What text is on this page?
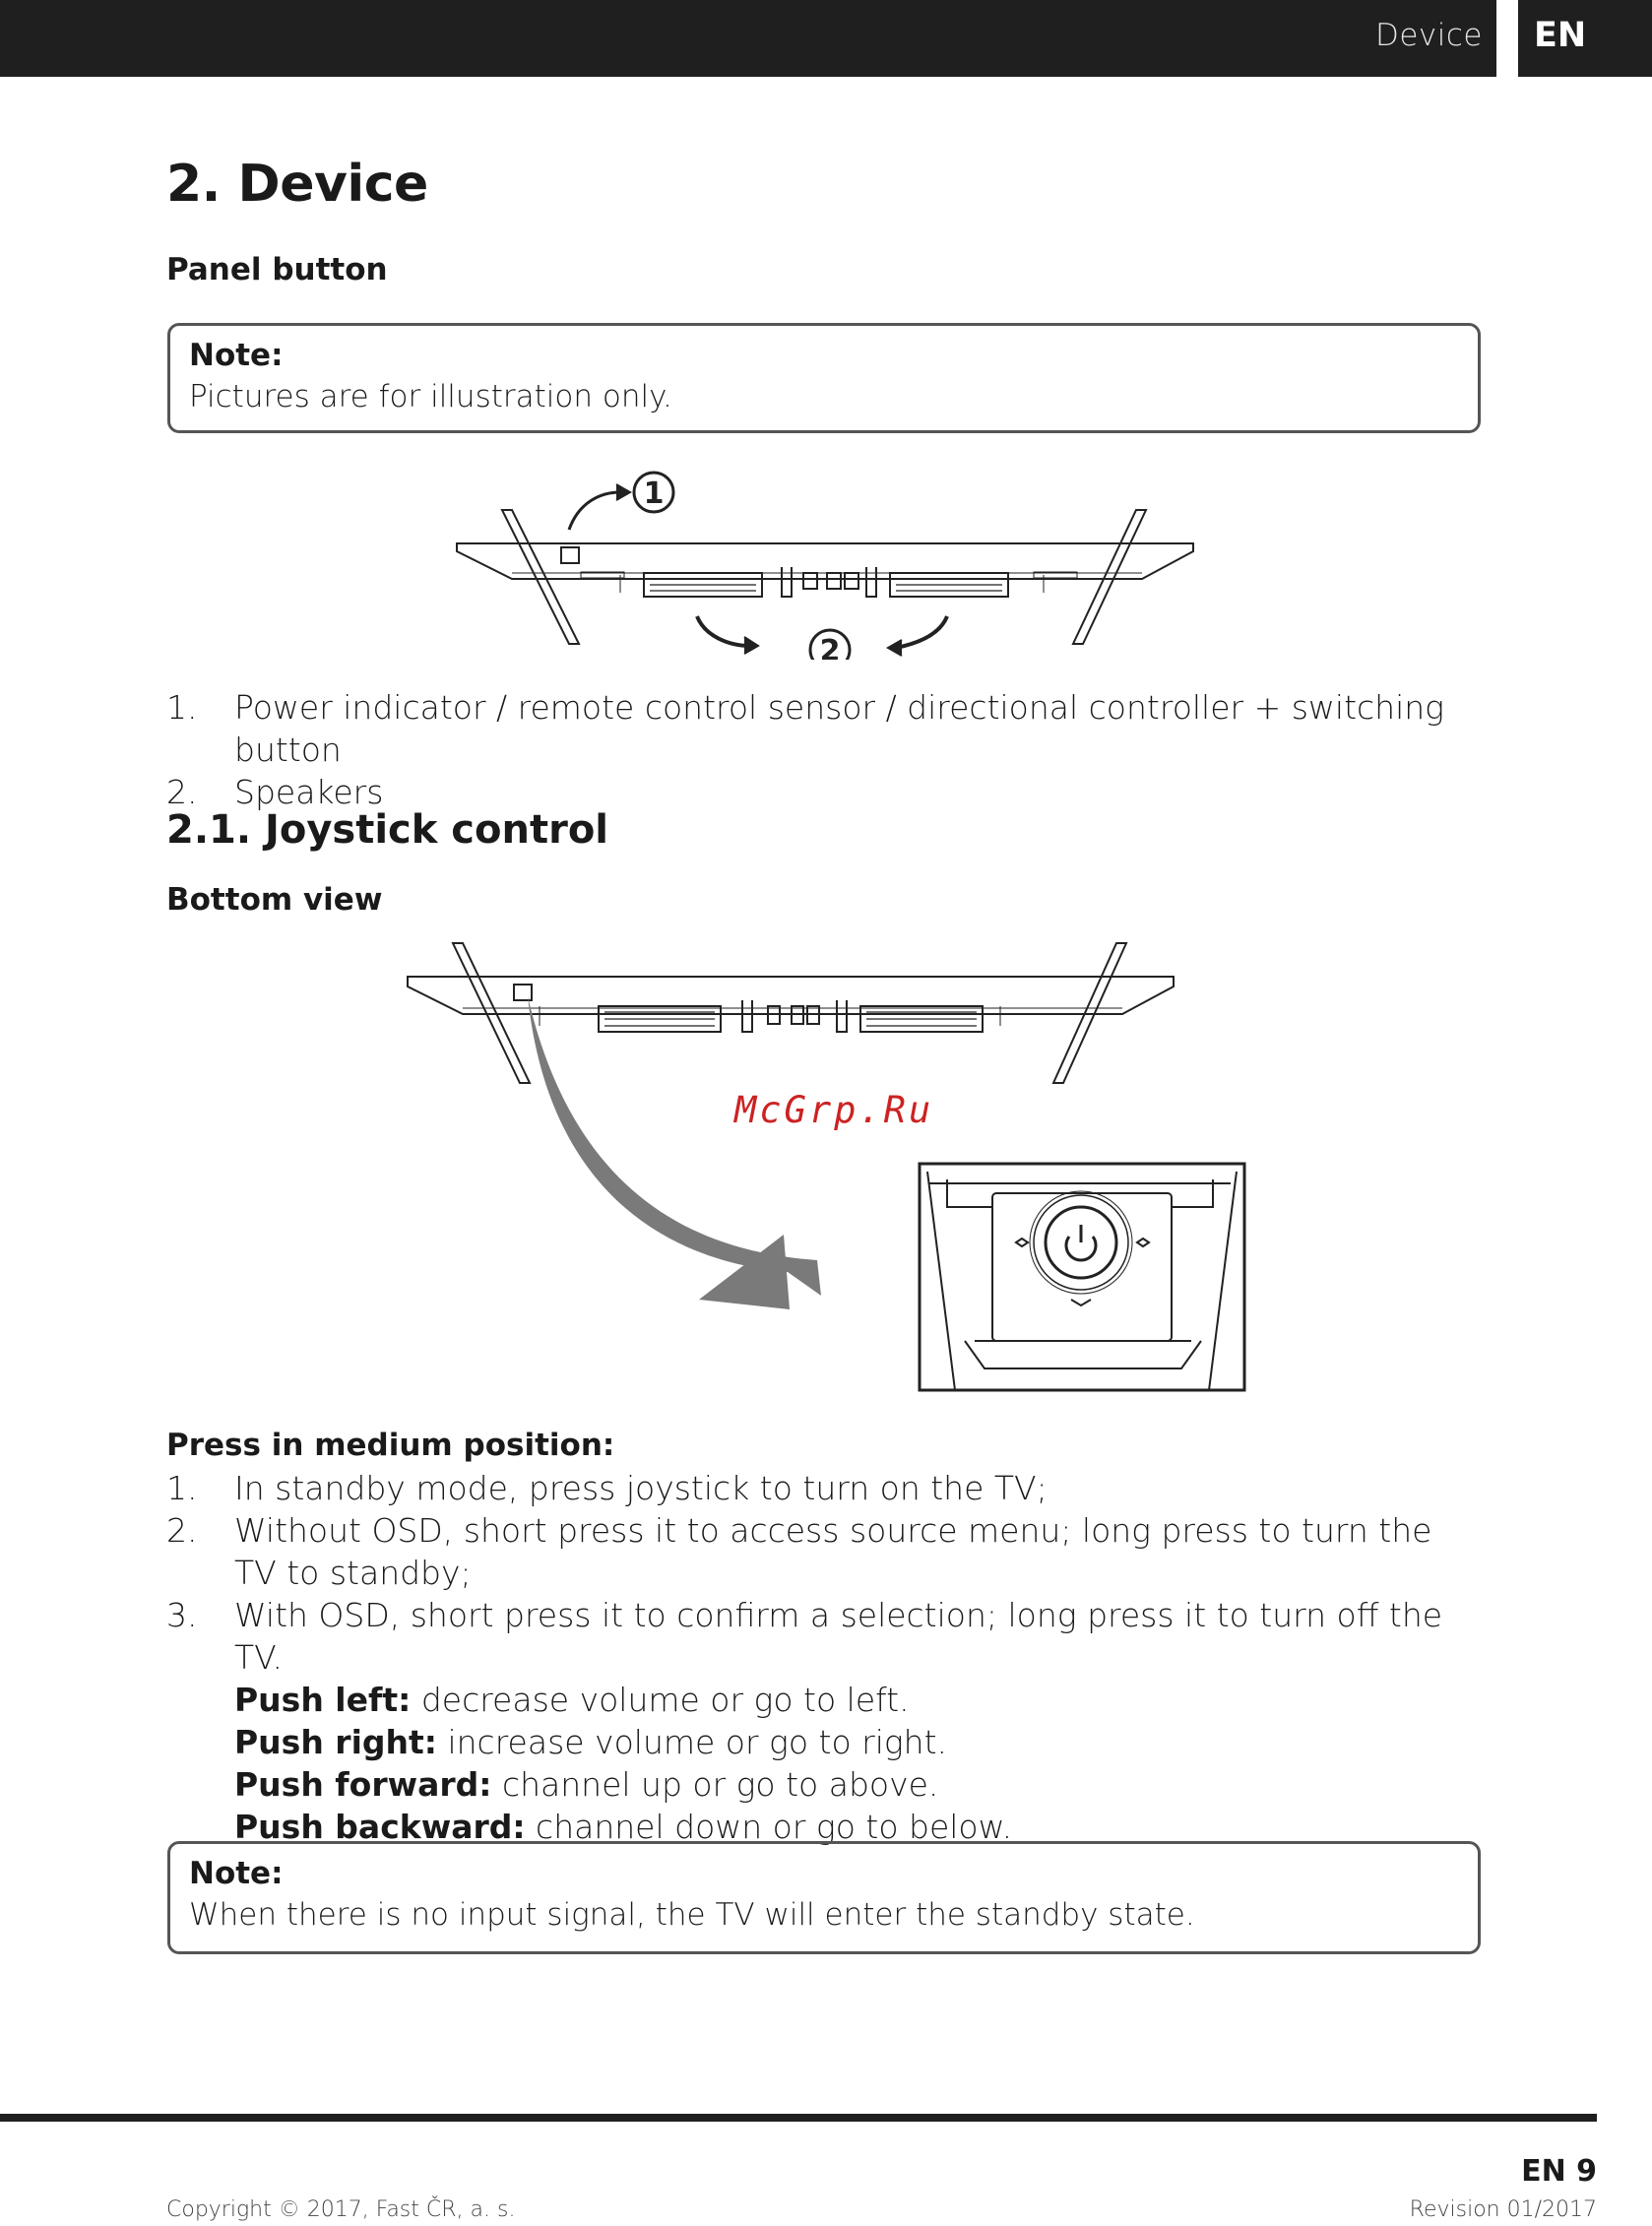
Device EN
2. Device
Panel button
Note:
Pictures are for illustration only.
1
2
1.	Power indicator / remote control sensor / directional controller + switching button
2.	Speakers
2.1. Joystick control
Bottom view
McGrp.Ru
Press in medium position:
1.	In standby mode, press joystick to turn on the TV;
2.	Without OSD, short press it to access source menu; long press to turn the TV to standby;
3.	With OSD, short press it to confirm a selection; long press it to turn off the TV.
Push left: decrease volume or go to left.
Push right: increase volume or go to right.
Push forward: channel up or go to above.
Push backward: channel down or go to below.
Note:
When there is no input signal, the TV will enter the standby state.
EN 9
Copyright © 2017, Fast ČR, a. s.	Revision 01/2017
